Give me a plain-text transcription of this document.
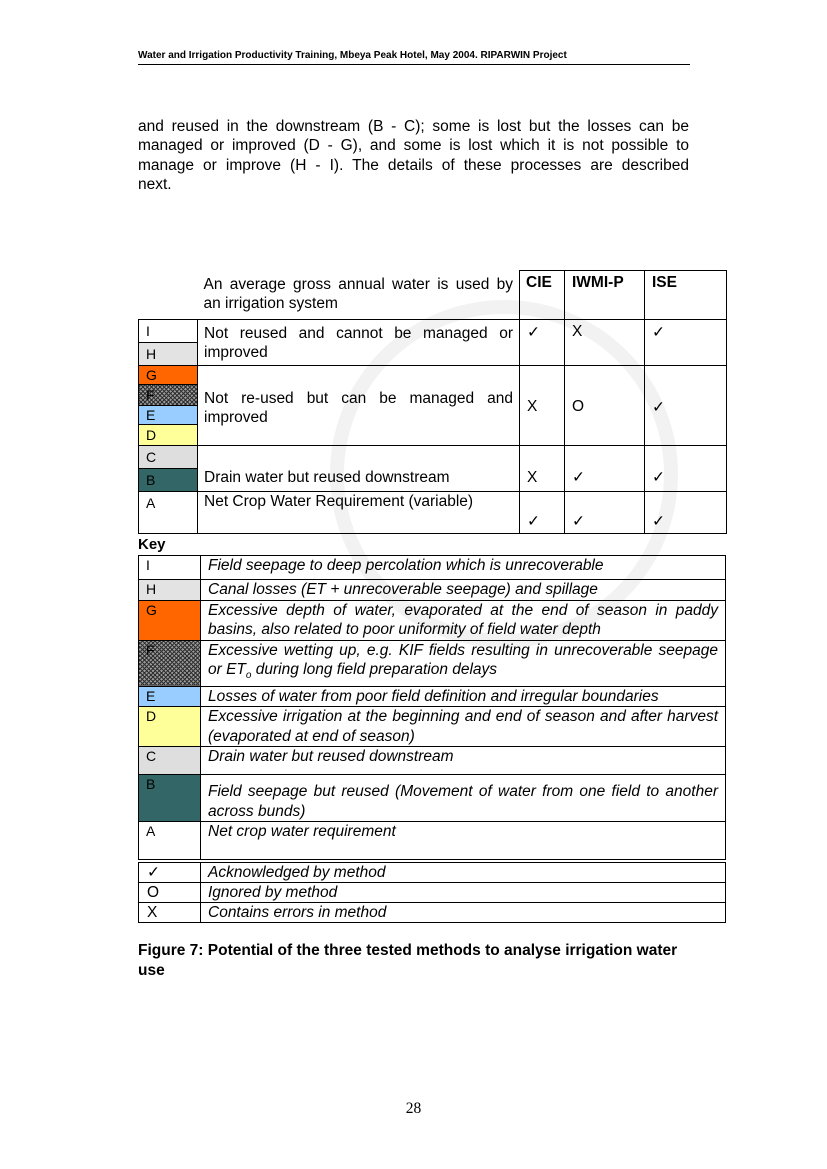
Water and Irrigation Productivity Training, Mbeya Peak Hotel, May 2004. RIPARWIN Project
and reused in the downstream (B - C); some is lost but the losses can be
managed or improved (D - G), and some is lost which it is not possible to
manage or improve (H - I). The details of these processes are described
next.
	An average gross annual water is used by an irrigation system	CIE	IWMI-P	ISE
I	Not reused and cannot be managed or improved	✓	X	✓
H				
G	Not re-used but can be managed and improved	X	O	✓
F				
E				
D				
C	Drain water but reused downstream	X	✓	✓
B				
A	Net Crop Water Requirement (variable)	✓	✓	✓
Key
I	Field seepage to deep percolation which is unrecoverable
H	Canal losses (ET + unrecoverable seepage) and spillage
G	Excessive depth of water, evaporated at the end of season in paddy basins, also related to poor uniformity of field water depth
F	Excessive wetting up, e.g. KIF fields resulting in unrecoverable seepage or $ET_o$ during long field preparation delays
E	Losses of water from poor field definition and irregular boundaries
D	Excessive irrigation at the beginning and end of season and after harvest (evaporated at end of season)
C	Drain water but reused downstream
B	Field seepage but reused (Movement of water from one field to another across bunds)
A	Net crop water requirement
✓	Acknowledged by method
O	Ignored by method
X	Contains errors in method
Figure 7: Potential of the three tested methods to analyse irrigation water use
28
